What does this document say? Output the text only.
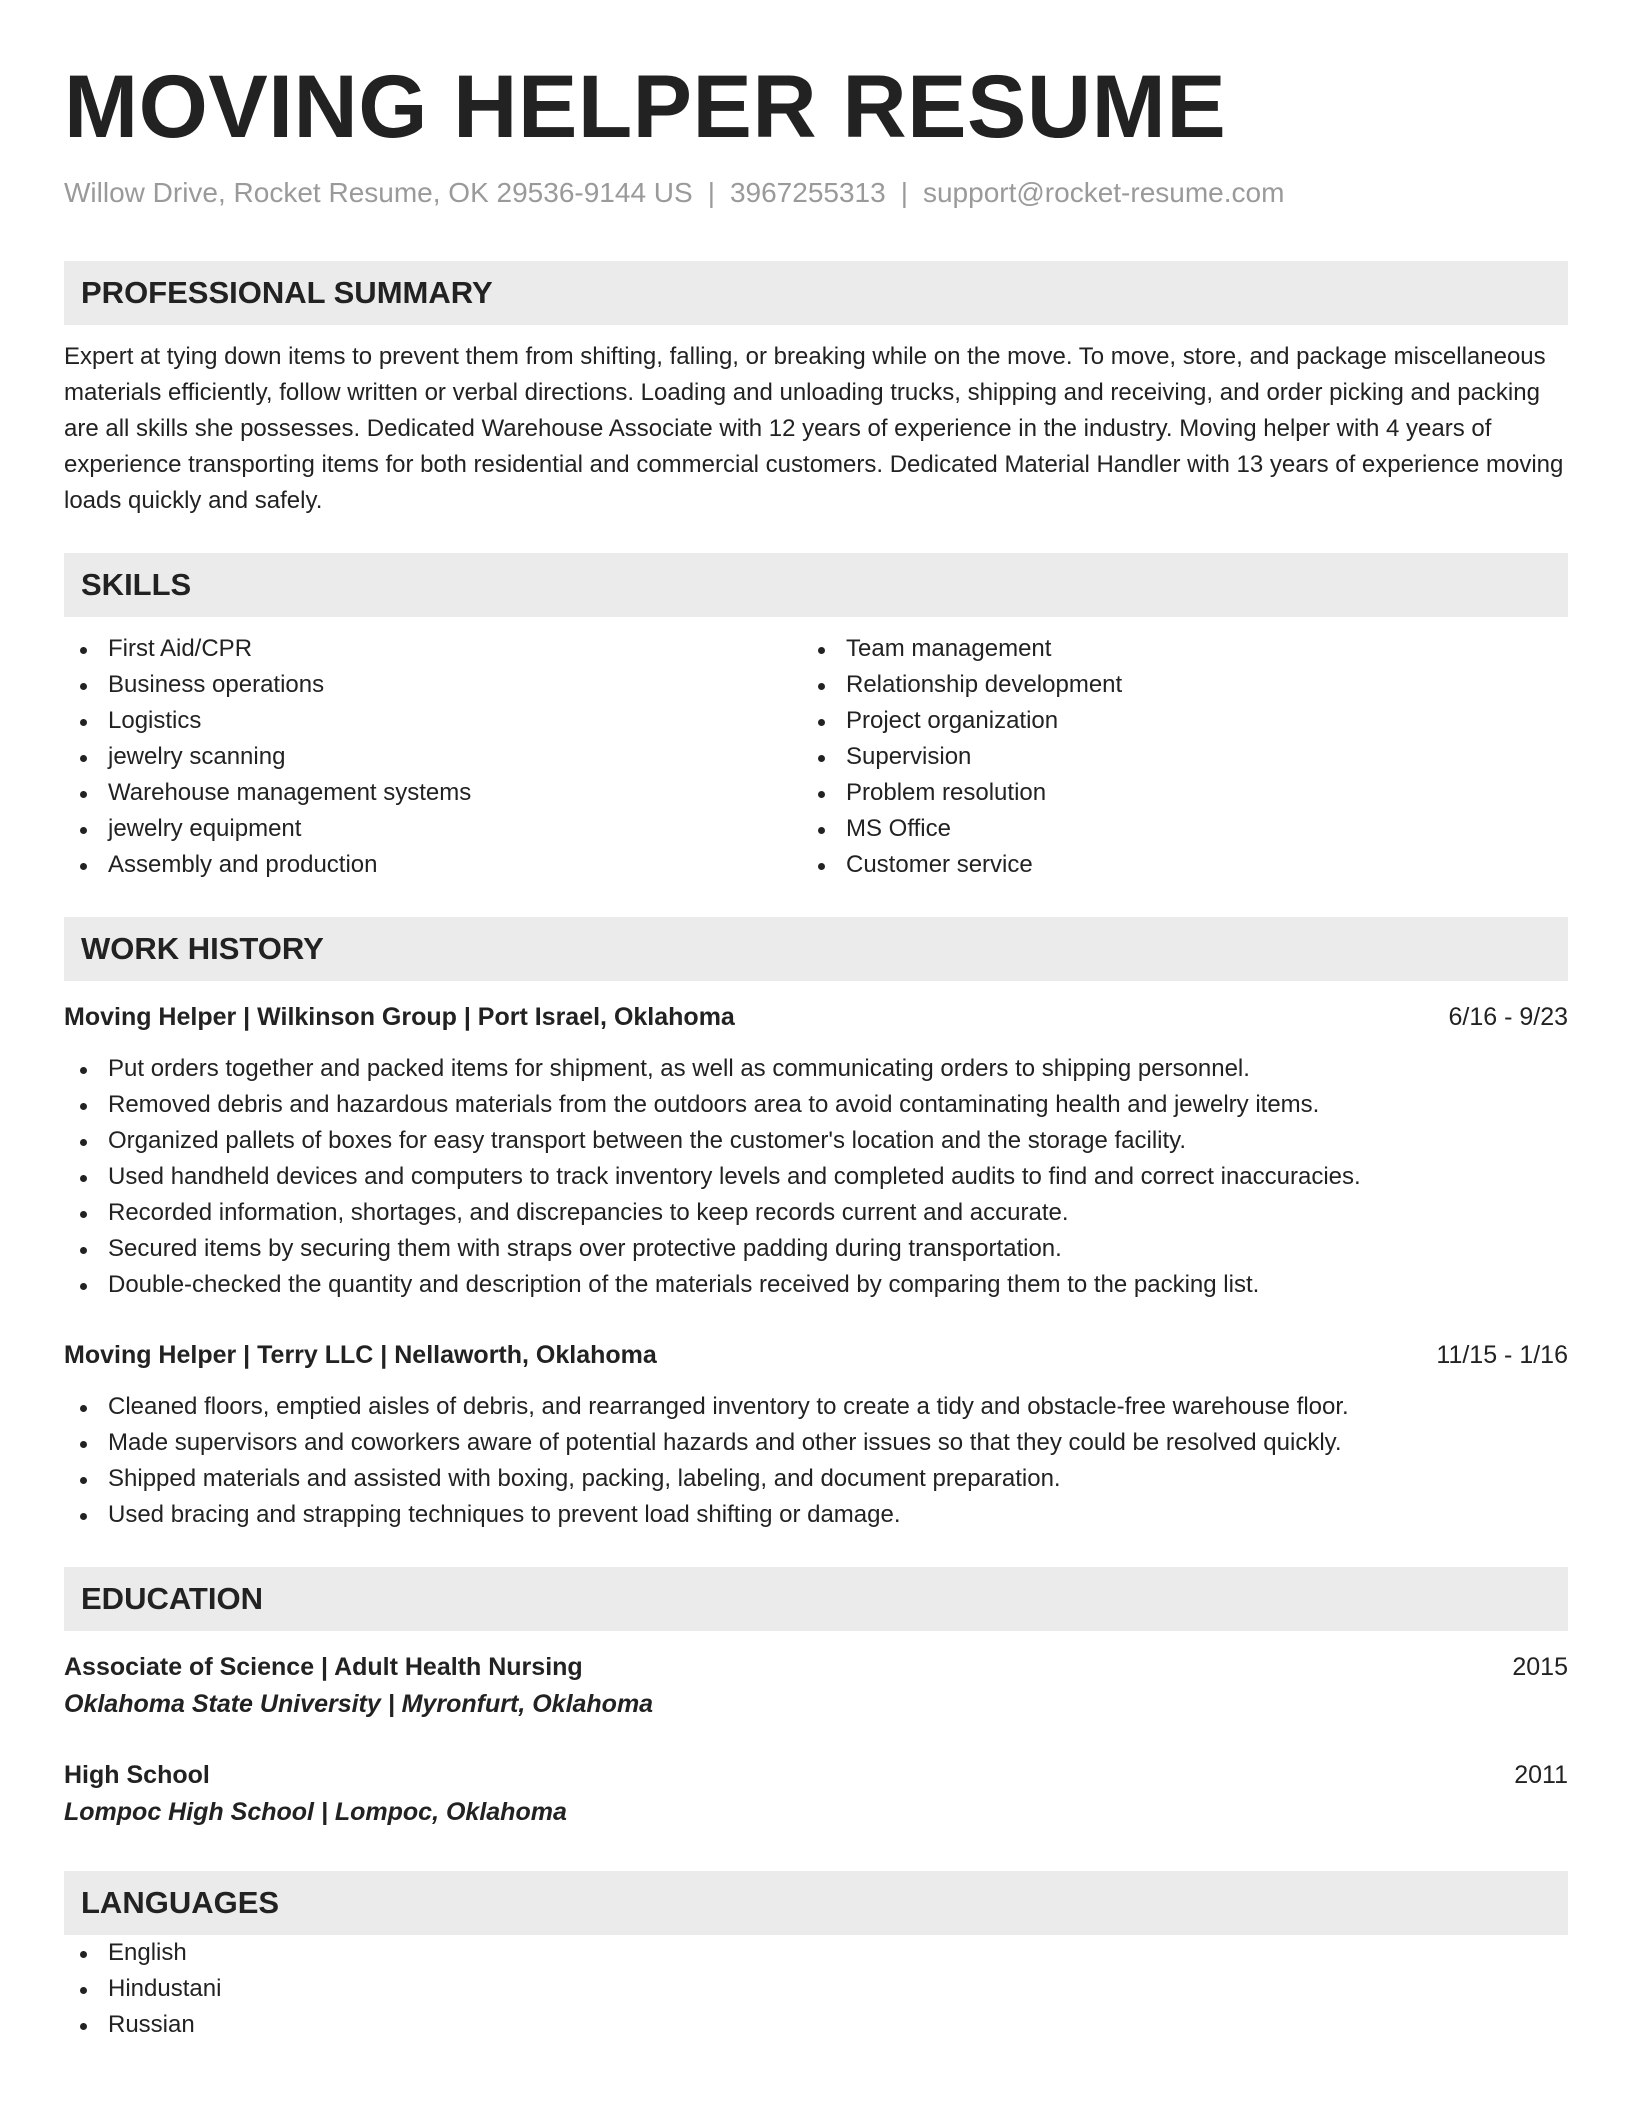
MOVING HELPER RESUME
Willow Drive, Rocket Resume, OK 29536-9144 US | 3967255313 | support@rocket-resume.com
PROFESSIONAL SUMMARY
Expert at tying down items to prevent them from shifting, falling, or breaking while on the move. To move, store, and package miscellaneous materials efficiently, follow written or verbal directions. Loading and unloading trucks, shipping and receiving, and order picking and packing are all skills she possesses. Dedicated Warehouse Associate with 12 years of experience in the industry. Moving helper with 4 years of experience transporting items for both residential and commercial customers. Dedicated Material Handler with 13 years of experience moving loads quickly and safely.
SKILLS
First Aid/CPR
Business operations
Logistics
jewelry scanning
Warehouse management systems
jewelry equipment
Assembly and production
Team management
Relationship development
Project organization
Supervision
Problem resolution
MS Office
Customer service
WORK HISTORY
Moving Helper | Wilkinson Group | Port Israel, Oklahoma	6/16 - 9/23
Put orders together and packed items for shipment, as well as communicating orders to shipping personnel.
Removed debris and hazardous materials from the outdoors area to avoid contaminating health and jewelry items.
Organized pallets of boxes for easy transport between the customer's location and the storage facility.
Used handheld devices and computers to track inventory levels and completed audits to find and correct inaccuracies.
Recorded information, shortages, and discrepancies to keep records current and accurate.
Secured items by securing them with straps over protective padding during transportation.
Double-checked the quantity and description of the materials received by comparing them to the packing list.
Moving Helper | Terry LLC | Nellaworth, Oklahoma	11/15 - 1/16
Cleaned floors, emptied aisles of debris, and rearranged inventory to create a tidy and obstacle-free warehouse floor.
Made supervisors and coworkers aware of potential hazards and other issues so that they could be resolved quickly.
Shipped materials and assisted with boxing, packing, labeling, and document preparation.
Used bracing and strapping techniques to prevent load shifting or damage.
EDUCATION
Associate of Science | Adult Health Nursing	2015
Oklahoma State University | Myronfurt, Oklahoma
High School	2011
Lompoc High School | Lompoc, Oklahoma
LANGUAGES
English
Hindustani
Russian
